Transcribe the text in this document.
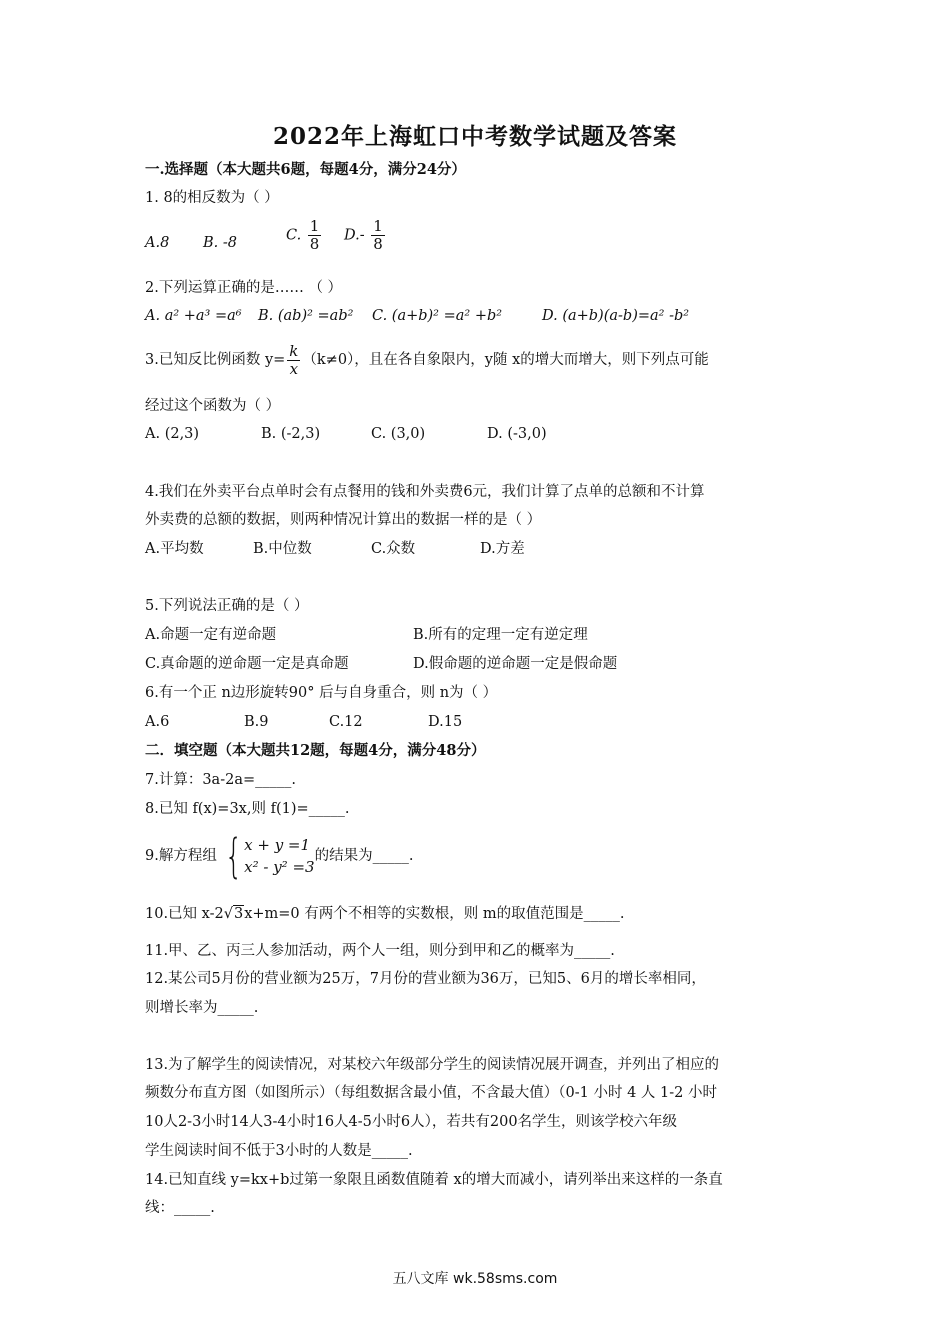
2022年上海虹口中考数学试题及答案
一.选择题（本大题共6题，每题4分，满分24分）
1. 8的相反数为（ ）
A.8 B. -8	C. $\frac{1}{8} D.- \frac{1}{8}$
2.下列运算正确的是…… （ ）
A. a² +a³ =a⁶ B. (ab)² =ab² C. (a+b)² =a² +b²	D. (a+b)(a-b)=a² -b²
3.已知反比例函数 $y= \frac{k}{x} (k\ne 0)$，且在各自象限内，y随 x的增大而增大，则下列点可能
经过这个函数为（ ）
A. (2,3)	B. (-2,3)	C. (3,0)	D. (-3,0)
4.我们在外卖平台点单时会有点餐用的钱和外卖费6元，我们计算了点单的总额和不计算
外卖费的总额的数据，则两种情况计算出的数据一样的是（ ）
A.平均数	B.中位数	C.众数	D.方差
5.下列说法正确的是（ ）
A.命题一定有逆命题	B.所有的定理一定有逆定理
C.真命题的逆命题一定是真命题	D.假命题的逆命题一定是假命题
6.有一个正 n边形旋转90° 后与自身重合，则 n为（ ）
A.6	B.9	C.12	D.15
二．填空题（本大题共12题，每题4分，满分48分）
7.计算：3a-2a=_____.
8.已知 f(x)=3x,则 f(1)=_____.
9.解方程组 { x + y =1
x² - y² =3
的结果为_____.
10.已知 x-2√3x+m=0 有两个不相等的实数根，则 m的取值范围是_____.
11.甲、乙、丙三人参加活动，两个人一组，则分到甲和乙的概率为_____.
12.某公司5月份的营业额为25万，7月份的营业额为36万，已知5、6月的增长率相同，
则增长率为_____.
13.为了解学生的阅读情况，对某校六年级部分学生的阅读情况展开调查，并列出了相应的
频数分布直方图（如图所示）（每组数据含最小值，不含最大值）（0-1 小时 4 人 1-2 小时
10人2-3小时14人3-4小时16人4-5小时6人），若共有200名学生，则该学校六年级
学生阅读时间不低于3小时的人数是_____.
14.已知直线 y=kx+b过第一象限且函数值随着 x的增大而减小，请列举出来这样的一条直
线：_____.
五八文库 wk.58sms.com
